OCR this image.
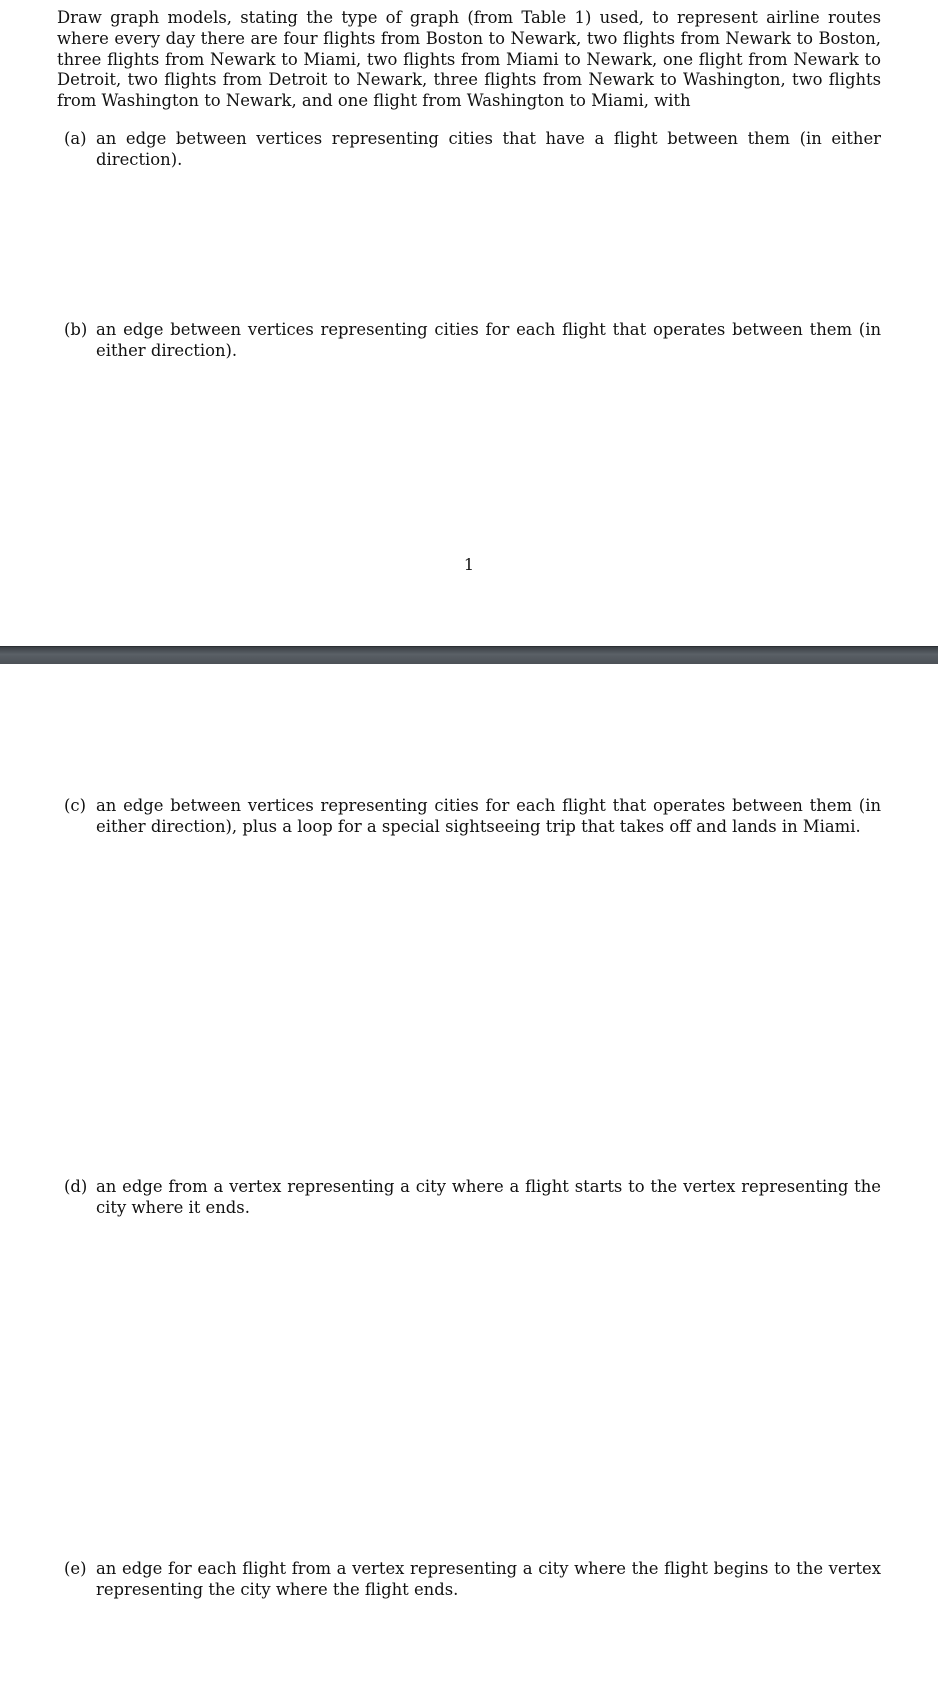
Draw graph models, stating the type of graph (from Table 1) used, to represent airline routes where every day there are four flights from Boston to Newark, two flights from Newark to Boston, three flights from Newark to Miami, two flights from Miami to Newark, one flight from Newark to Detroit, two flights from Detroit to Newark, three flights from Newark to Washington, two flights from Washington to Newark, and one flight from Washington to Miami, with

(a) an edge between vertices representing cities that have a flight between them (in either direction).
(b) an edge between vertices representing cities for each flight that operates between them (in either direction).

1

(c) an edge between vertices representing cities for each flight that operates between them (in either direction), plus a loop for a special sightseeing trip that takes off and lands in Miami.
(d) an edge from a vertex representing a city where a flight starts to the vertex representing the city where it ends.
(e) an edge for each flight from a vertex representing a city where the flight begins to the vertex representing the city where the flight ends.
